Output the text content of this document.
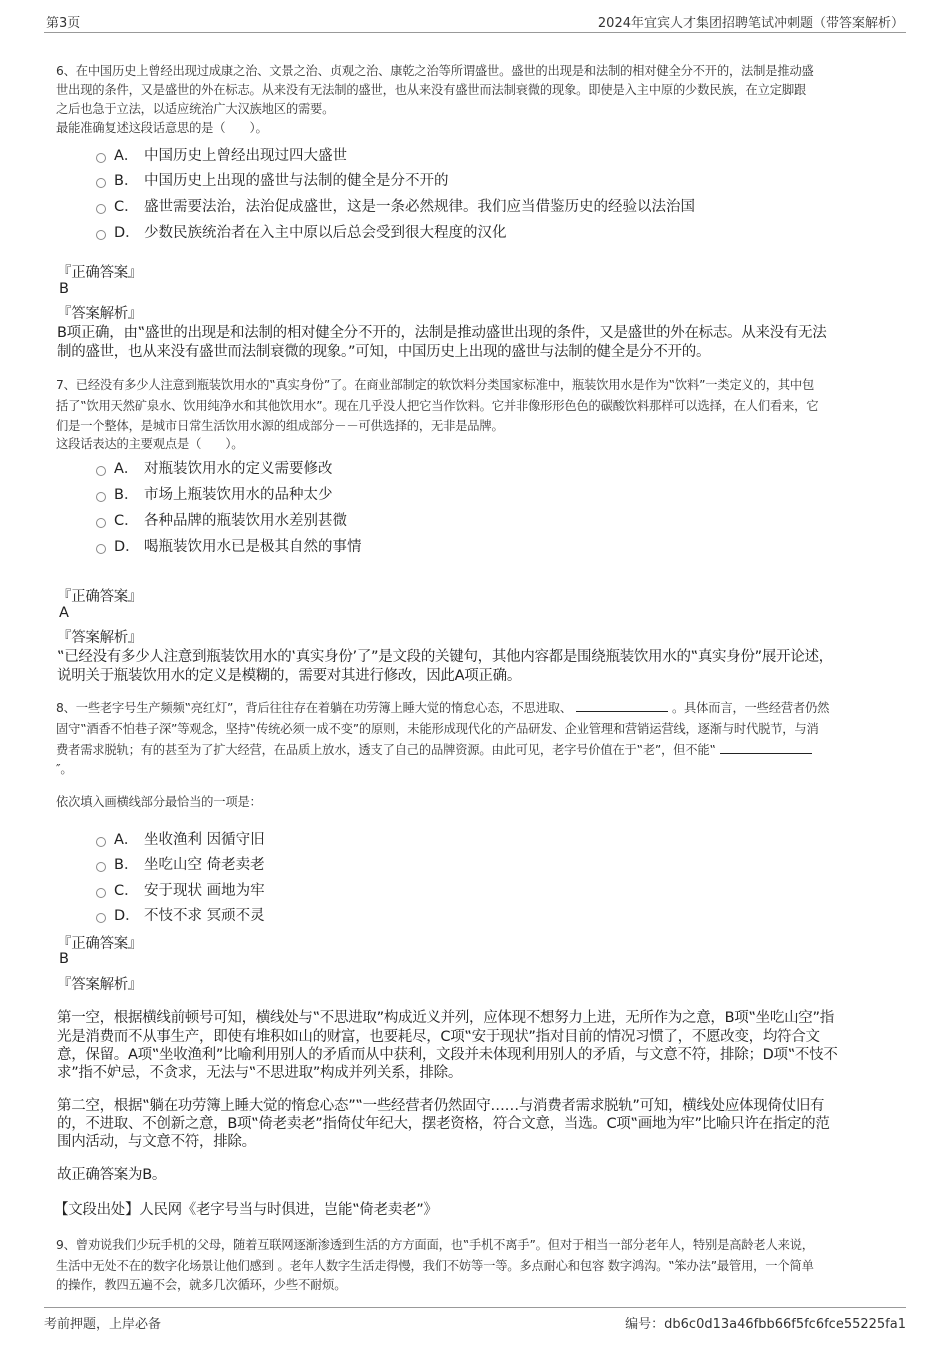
第3页	2024年宜宾人才集团招聘笔试冲刺题（带答案解析）
6、在中国历史上曾经出现过成康之治、文景之治、贞观之治、康乾之治等所谓盛世。盛世的出现是和法制的相对健全分不开的，法制是推动盛
世出现的条件，又是盛世的外在标志。从来没有无法制的盛世，也从来没有盛世而法制衰微的现象。即使是入主中原的少数民族，在立定脚跟
之后也急于立法，以适应统治广大汉族地区的需要。
最能准确复述这段话意思的是（　　）。
A． 中国历史上曾经出现过四大盛世
B． 中国历史上出现的盛世与法制的健全是分不开的
C． 盛世需要法治，法治促成盛世，这是一条必然规律。我们应当借鉴历史的经验以法治国
D． 少数民族统治者在入主中原以后总会受到很大程度的汉化
『正确答案』
B
『答案解析』
B项正确，由‟盛世的出现是和法制的相对健全分不开的，法制是推动盛世出现的条件，又是盛世的外在标志。从来没有无法
制的盛世，也从来没有盛世而法制衰微的现象。”可知，中国历史上出现的盛世与法制的健全是分不开的。
7、已经没有多少人注意到瓶装饮用水的‟真实身份”了。在商业部制定的软饮料分类国家标准中，瓶装饮用水是作为‟饮料”一类定义的，其中包
括了‟饮用天然矿泉水、饮用纯净水和其他饮用水”。现在几乎没人把它当作饮料。它并非像形形色色的碳酸饮料那样可以选择，在人们看来，它
们是一个整体，是城市日常生活饮用水源的组成部分－－可供选择的，无非是品牌。
这段话表达的主要观点是（　　）。
A． 对瓶装饮用水的定义需要修改
B． 市场上瓶装饮用水的品种太少
C． 各种品牌的瓶装饮用水差别甚微
D． 喝瓶装饮用水已是极其自然的事情
『正确答案』
A
『答案解析』
‟已经没有多少人注意到瓶装饮用水的‛真实身份’了”是文段的关键句，其他内容都是围绕瓶装饮用水的‟真实身份”展开论述，
说明关于瓶装饮用水的定义是模糊的，需要对其进行修改，因此A项正确。
8、一些老字号生产频频‟亮红灯”，背后往往存在着躺在功劳簿上睡大觉的惰怠心态，不思进取、	。具体而言，一些经营者仍然
固守‟酒香不怕巷子深”等观念，坚持‟传统必须一成不变”的原则，未能形成现代化的产品研发、企业管理和营销运营线，逐渐与时代脱节，与消
费者需求脱轨；有的甚至为了扩大经营，在品质上放水，透支了自己的品牌资源。由此可见，老字号价值在于‟老”，但不能‟
″。
依次填入画横线部分最恰当的一项是：
A． 坐收渔利 因循守旧
B． 坐吃山空 倚老卖老
C． 安于现状 画地为牢
D． 不忮不求 冥顽不灵
『正确答案』
B
『答案解析』
第一空，根据横线前顿号可知，横线处与‟不思进取”构成近义并列，应体现不想努力上进，无所作为之意，B项‟坐吃山空”指
光是消费而不从事生产，即使有堆积如山的财富，也要耗尽，C项‟安于现状”指对目前的情况习惯了，不愿改变，均符合文
意，保留。A项‟坐收渔利”比喻利用别人的矛盾而从中获利，文段并未体现利用别人的矛盾，与文意不符，排除；D项‟不忮不
求”指不妒忌，不贪求，无法与‟不思进取”构成并列关系，排除。
第二空，根据‟躺在功劳簿上睡大觉的惰怠心态”‟一些经营者仍然固守……与消费者需求脱轨”可知，横线处应体现倚仗旧有
的，不进取、不创新之意，B项‟倚老卖老”指倚仗年纪大，摆老资格，符合文意，当选。C项‟画地为牢”比喻只许在指定的范
围内活动，与文意不符，排除。
故正确答案为B。
【文段出处】人民网《老字号当与时俱进，岂能‟倚老卖老”》
9、曾劝说我们少玩手机的父母，随着互联网逐渐渗透到生活的方方面面，也‟手机不离手”。但对于相当一部分老年人，特别是高龄老人来说，
生活中无处不在的数字化场景让他们感到 。老年人数字生活走得慢，我们不妨等一等。多点耐心和包容 数字鸿沟。‟笨办法”最管用，一个简单
的操作，教四五遍不会，就多几次循环，少些不耐烦。
考前押题，上岸必备	编号：db6c0d13a46fbb66f5fc6fce55225fa1
